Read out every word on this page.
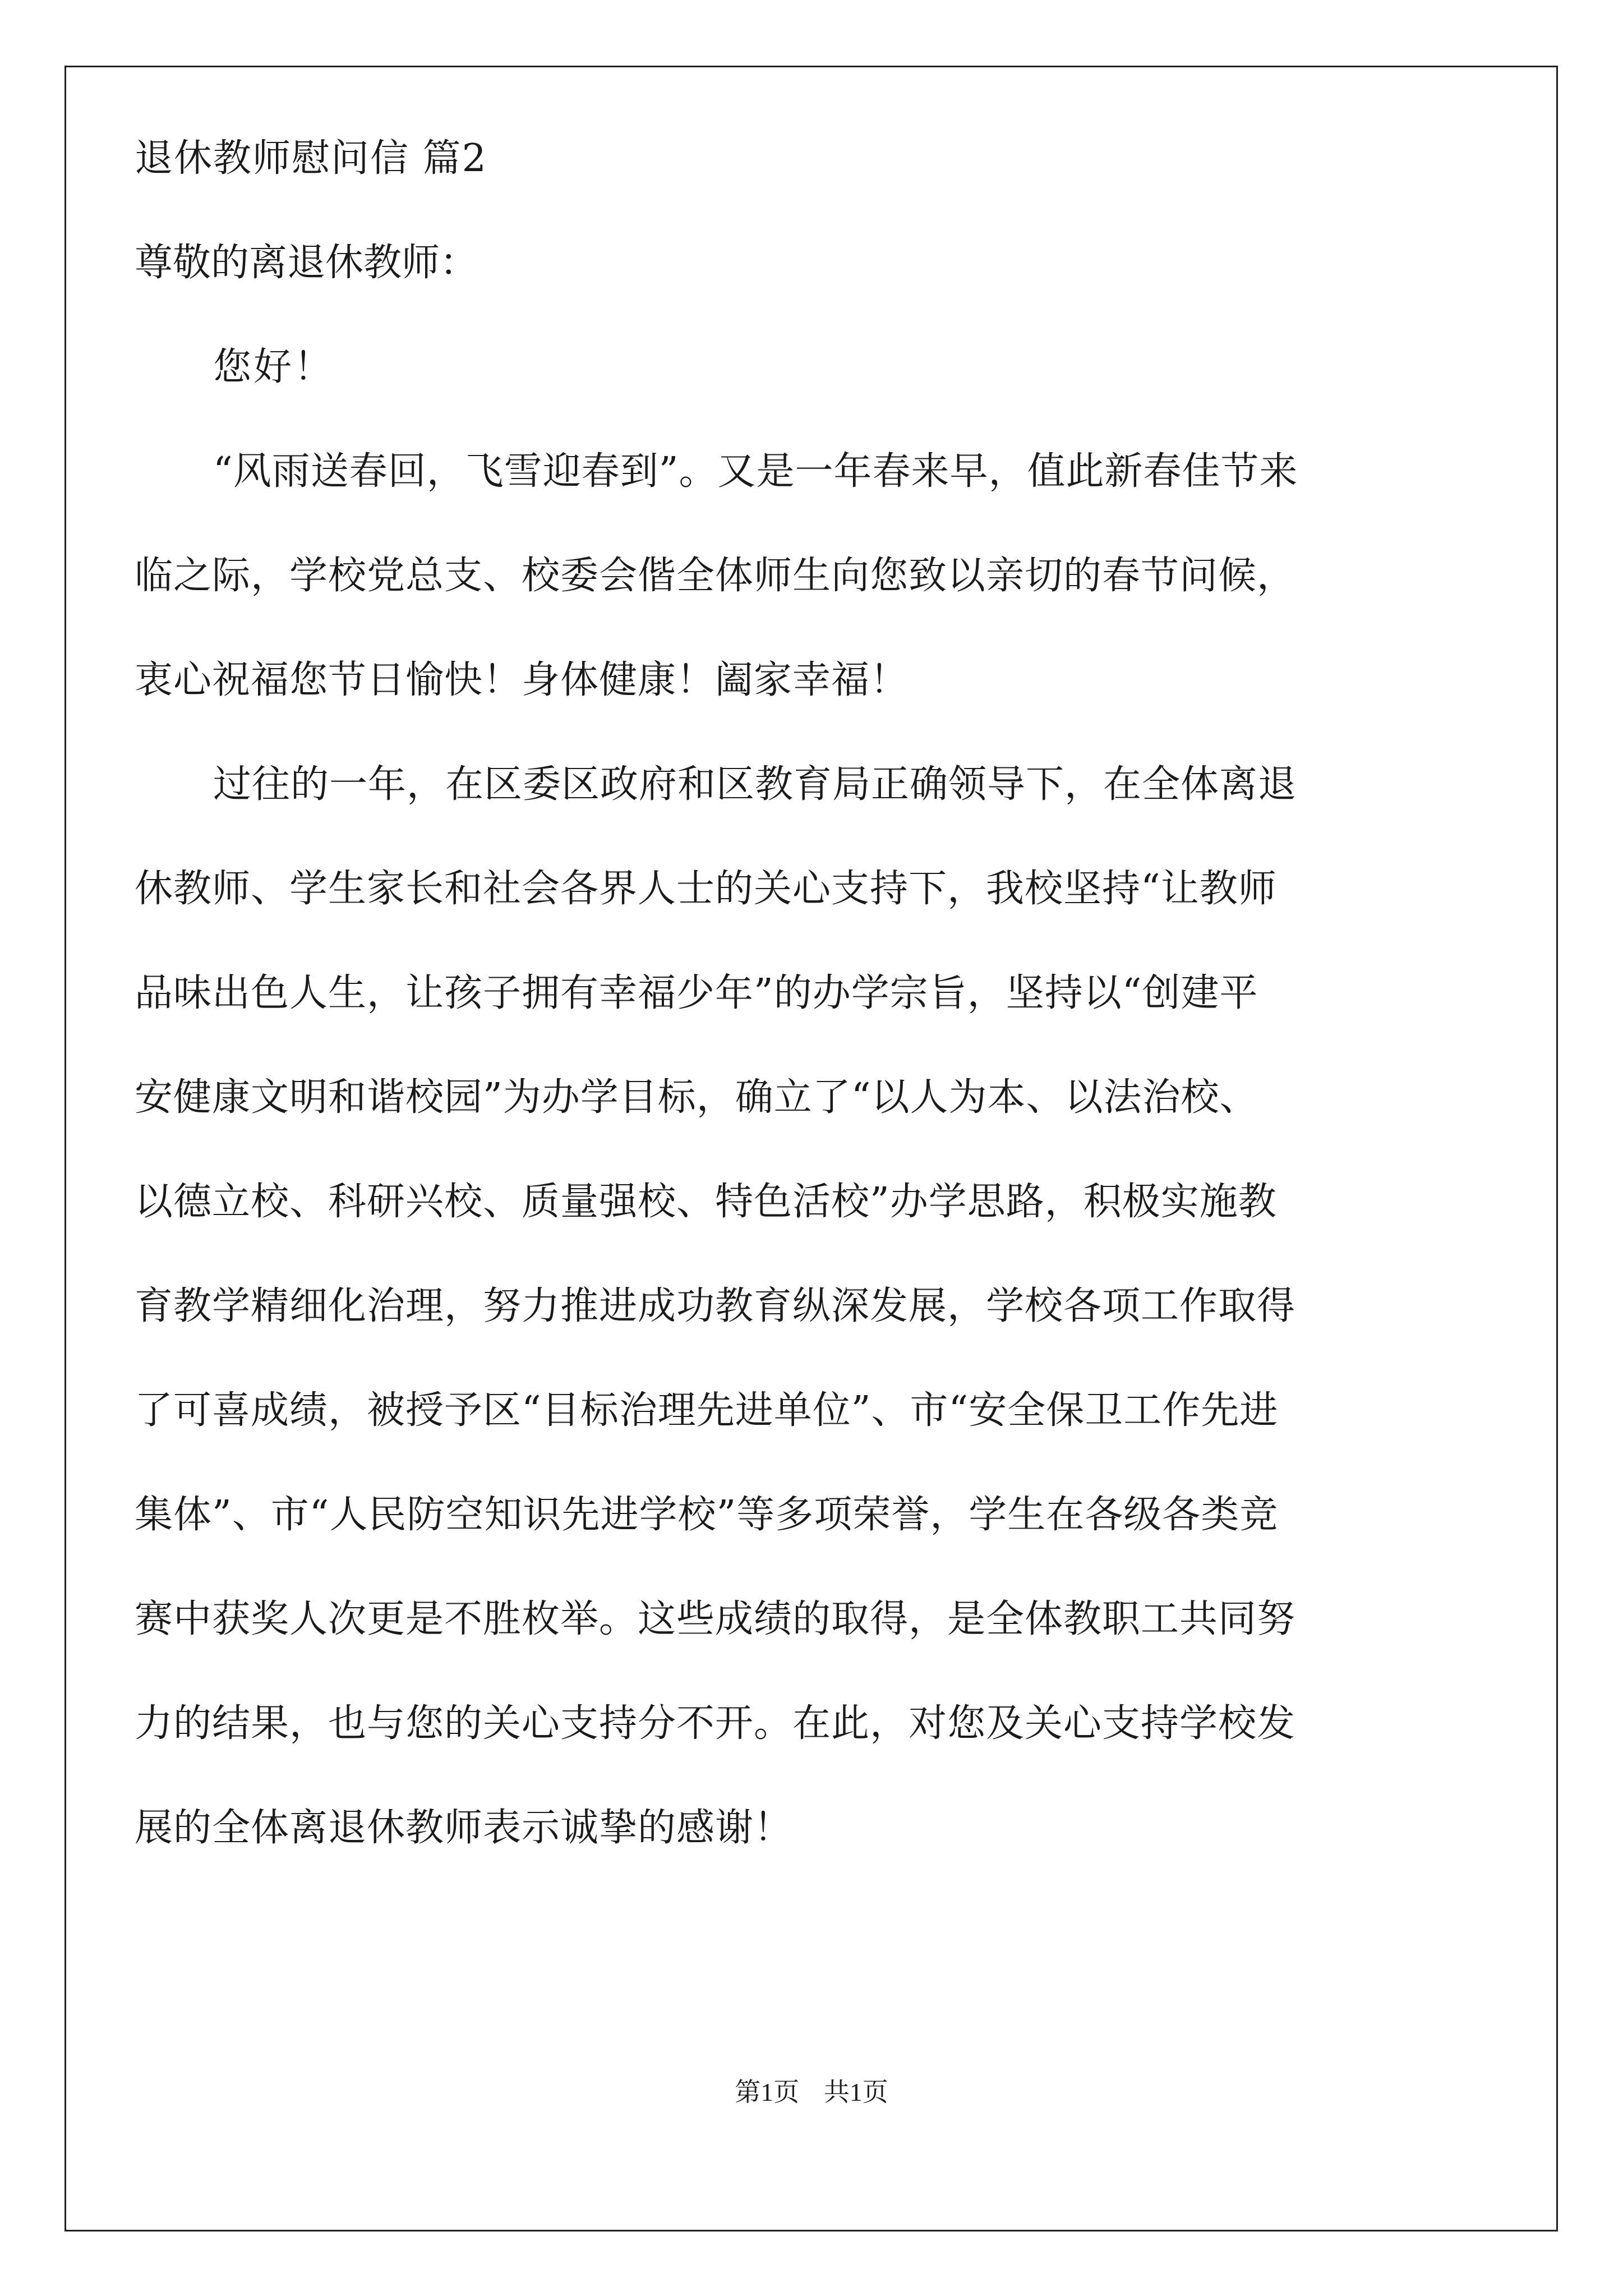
退休教师慰问信 篇2
尊敬的离退休教师：
您好！
“风雨送春回，飞雪迎春到”。又是一年春来早，值此新春佳节来
临之际，学校党总支、校委会偕全体师生向您致以亲切的春节问候，
衷心祝福您节日愉快！身体健康！阖家幸福！
过往的一年，在区委区政府和区教育局正确领导下，在全体离退
休教师、学生家长和社会各界人士的关心支持下，我校坚持“让教师
品味出色人生，让孩子拥有幸福少年”的办学宗旨，坚持以“创建平
安健康文明和谐校园”为办学目标，确立了“以人为本、以法治校、
以德立校、科研兴校、质量强校、特色活校”办学思路，积极实施教
育教学精细化治理，努力推进成功教育纵深发展，学校各项工作取得
了可喜成绩，被授予区“目标治理先进单位”、市“安全保卫工作先进
集体”、市“人民防空知识先进学校”等多项荣誉，学生在各级各类竞
赛中获奖人次更是不胜枚举。这些成绩的取得，是全体教职工共同努
力的结果，也与您的关心支持分不开。在此，对您及关心支持学校发
展的全体离退休教师表示诚挚的感谢！
第1页 共1页
